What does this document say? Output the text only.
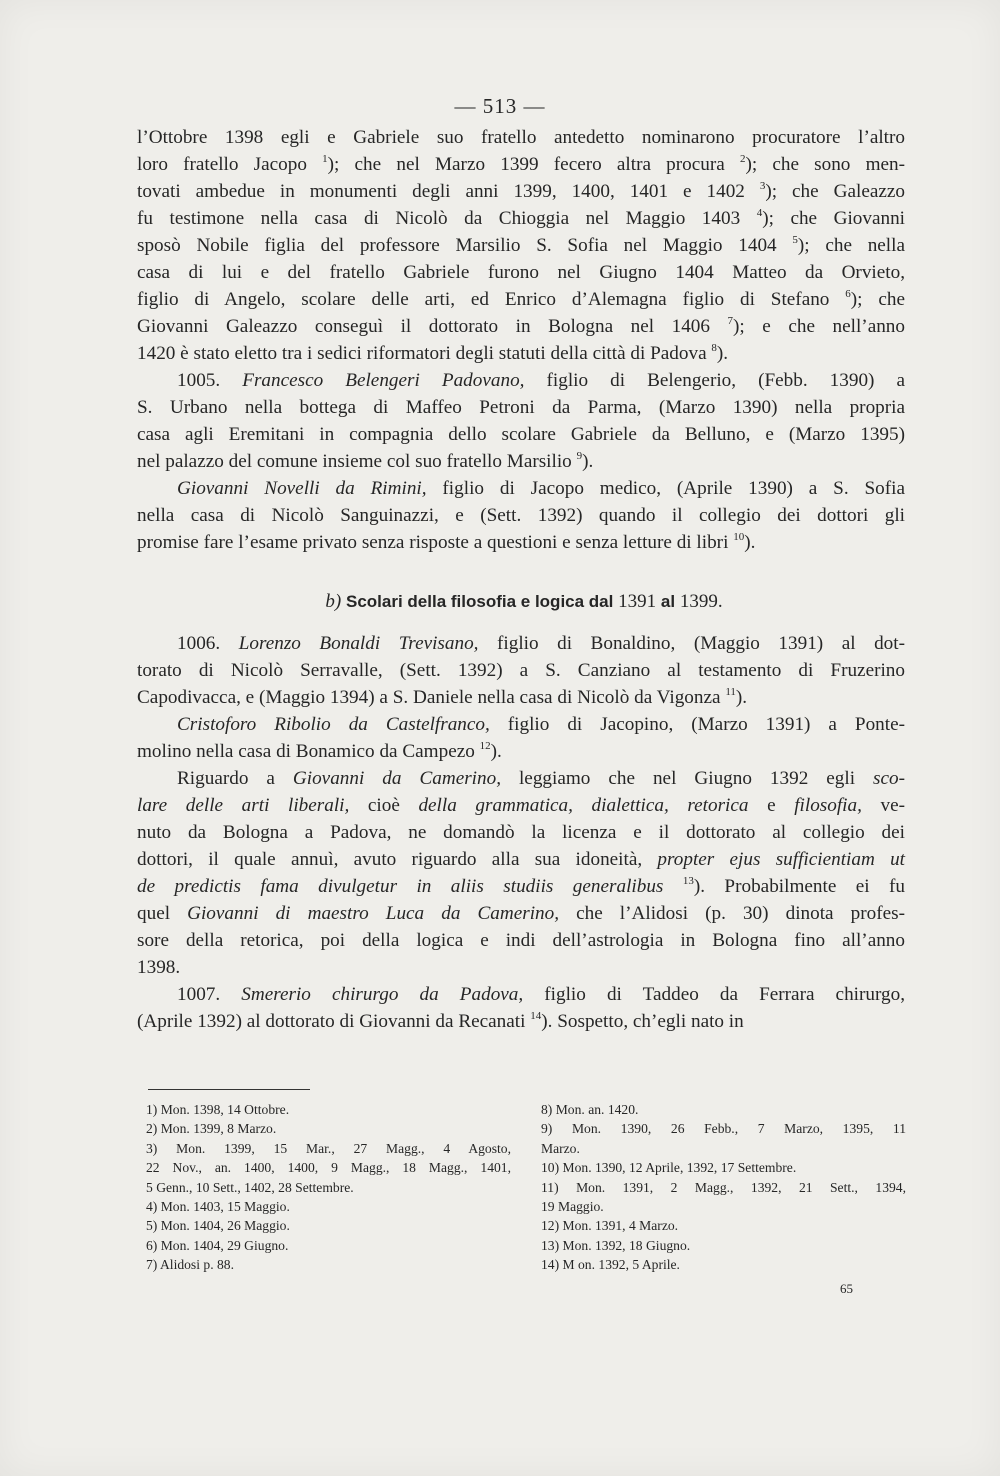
— 513 —
l’Ottobre 1398 egli e Gabriele suo fratello antedetto nominarono procuratore l’altro
loro fratello Jacopo $^1$); che nel Marzo 1399 fecero altra procura $^2$); che sono men-
tovati ambedue in monumenti degli anni 1399, 1400, 1401 e 1402 $^3$); che Galeazzo
fu testimone nella casa di Nicolò da Chioggia nel Maggio 1403 $^4$); che Giovanni
sposò Nobile figlia del professore Marsilio S. Sofia nel Maggio 1404 $^5$); che nella
casa di lui e del fratello Gabriele furono nel Giugno 1404 Matteo da Orvieto,
figlio di Angelo, scolare delle arti, ed Enrico d’Alemagna figlio di Stefano $^6$); che
Giovanni Galeazzo conseguì il dottorato in Bologna nel 1406 $^7$); e che nell’anno
1420 è stato eletto tra i sedici riformatori degli statuti della città di Padova $^8$).
1005. Francesco Belengeri Padovano, figlio di Belengerio, (Febb. 1390) a
S. Urbano nella bottega di Maffeo Petroni da Parma, (Marzo 1390) nella propria
casa agli Eremitani in compagnia dello scolare Gabriele da Belluno, e (Marzo 1395)
nel palazzo del comune insieme col suo fratello Marsilio $^9$).
Giovanni Novelli da Rimini, figlio di Jacopo medico, (Aprile 1390) a S. Sofia
nella casa di Nicolò Sanguinazzi, e (Sett. 1392) quando il collegio dei dottori gli
promise fare l’esame privato senza risposte a questioni e senza letture di libri $^{10}$).
b) Scolari della filosofia e logica dal 1391 al 1399.
1006. Lorenzo Bonaldi Trevisano, figlio di Bonaldino, (Maggio 1391) al dot-
torato di Nicolò Serravalle, (Sett. 1392) a S. Canziano al testamento di Fruzerino
Capodivacca, e (Maggio 1394) a S. Daniele nella casa di Nicolò da Vigonza $^{11}$).
Cristoforo Ribolio da Castelfranco, figlio di Jacopino, (Marzo 1391) a Ponte-
molino nella casa di Bonamico da Campezo $^{12}$).
Riguardo a Giovanni da Camerino, leggiamo che nel Giugno 1392 egli sco-
lare delle arti liberali, cioè della grammatica, dialettica, retorica e filosofia, ve-
nuto da Bologna a Padova, ne domandò la licenza e il dottorato al collegio dei
dottori, il quale annuì, avuto riguardo alla sua idoneità, propter ejus sufficientiam ut
de predictis fama divulgetur in aliis studiis generalibus $^{13}$). Probabilmente ei fu
quel Giovanni di maestro Luca da Camerino, che l’Alidosi (p. 30) dinota profes-
sore della retorica, poi della logica e indi dell’astrologia in Bologna fino all’anno
1398.
1007. Smererio chirurgo da Padova, figlio di Taddeo da Ferrara chirurgo,
(Aprile 1392) al dottorato di Giovanni da Recanati $^{14}$). Sospetto, ch’egli nato in
1) Mon. 1398, 14 Ottobre.
2) Mon. 1399, 8 Marzo.
3) Mon. 1399, 15 Mar., 27 Magg., 4 Agosto,
22 Nov., an. 1400, 1400, 9 Magg., 18 Magg., 1401,
5 Genn., 10 Sett., 1402, 28 Settembre.
4) Mon. 1403, 15 Maggio.
5) Mon. 1404, 26 Maggio.
6) Mon. 1404, 29 Giugno.
7) Alidosi p. 88.
8) Mon. an. 1420.
9) Mon. 1390, 26 Febb., 7 Marzo, 1395, 11
Marzo.
10) Mon. 1390, 12 Aprile, 1392, 17 Settembre.
11) Mon. 1391, 2 Magg., 1392, 21 Sett., 1394,
19 Maggio.
12) Mon. 1391, 4 Marzo.
13) Mon. 1392, 18 Giugno.
14) M on. 1392, 5 Aprile.
65
